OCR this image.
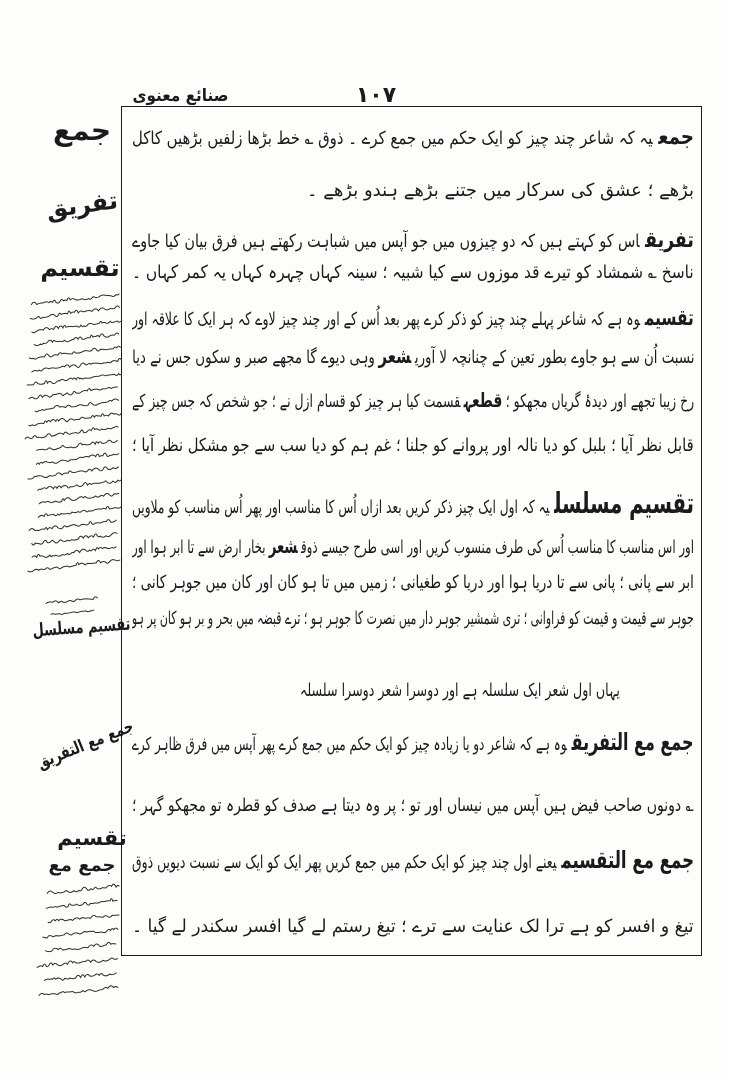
صنائع معنوی	۱۰۷
جمع
تفریق
تقسیم
تقسیم مسلسل
جمع مع التفریق
تقسیم
جمع مع
جمعیہ کہ شاعر چند چیز کو ایک حکم میں جمع کرے ۔ ذوق ؎ خط بڑھا زلفیں بڑھیں کاکل
بڑھے ؛ عشق کی سرکار میں جتنے بڑھے ہندو بڑھے ۔
تفریقاس کو کہتے ہیں کہ دو چیزوں میں جو آپس میں شباہت رکھتے ہیں فرق بیان کیا جاوے
ناسخ ؎ شمشاد کو تیرے قد موزوں سے کیا شبیہ ؛ سینہ کہاں چہرہ کہاں یہ کمر کہاں ۔
تقسیموہ ہے کہ شاعر پہلے چند چیز کو ذکر کرے پھر بعد اُس کے اور چند چیز لاوے کہ ہر ایک کا علاقہ اور
نسبت اُن سے ہو جاوے بطور تعین کے چنانچہ لا آوریشعروہی دیوے گا مجھے صبر و سکوں جس نے دیا
رخ زیبا تجھے اور دیدۂ گریاں مجھکو ؛قطعہقسمت کیا ہر چیز کو قسام ازل نے ؛ جو شخص کہ جس چیز کے
قابل نظر آیا ؛ بلبل کو دیا نالہ اور پروانے کو جلنا ؛ غم ہم کو دیا سب سے جو مشکل نظر آیا ؛
تقسیم مسلسلیہ کہ اول ایک چیز ذکر کریں بعد ازاں اُس کا مناسب اور پھر اُس مناسب کو ملاویں
اور اس مناسب کا مناسب اُس کی طرف منسوب کریں اور اسی طرح جیسے ذوقشعربخار ارض سے تا ابر ہوا اور
ابر سے پانی ؛ پانی سے تا دریا ہوا اور دریا کو طغیانی ؛ زمیں میں تا ہو کان اور کان میں جوہر کانی ؛
جوہر سے قیمت و قیمت کو فراوانی ؛ تری شمشیر جوہر دار میں نصرت کا جوہر ہو ؛ ترے قبضہ میں بحر و بر ہو کان پر ہو
یہاں اول شعر ایک سلسلہ ہے اور دوسرا شعر دوسرا سلسلہ
جمع مع التفریقوہ ہے کہ شاعر دو یا زیادہ چیز کو ایک حکم میں جمع کرے پھر آپس میں فرق ظاہر کرے
؎ دونوں صاحب فیض ہیں آپس میں نیساں اور تو ؛ پر وہ دیتا ہے صدف کو قطرہ تو مجھکو گہر ؛
جمع مع التقسیمیعنے اول چند چیز کو ایک حکم میں جمع کریں پھر ایک کو ایک سے نسبت دیویں ذوق
تیغ و افسر کو ہے ترا لک عنایت سے ترے ؛ تیغ رستم لے گیا افسر سکندر لے گیا ۔
